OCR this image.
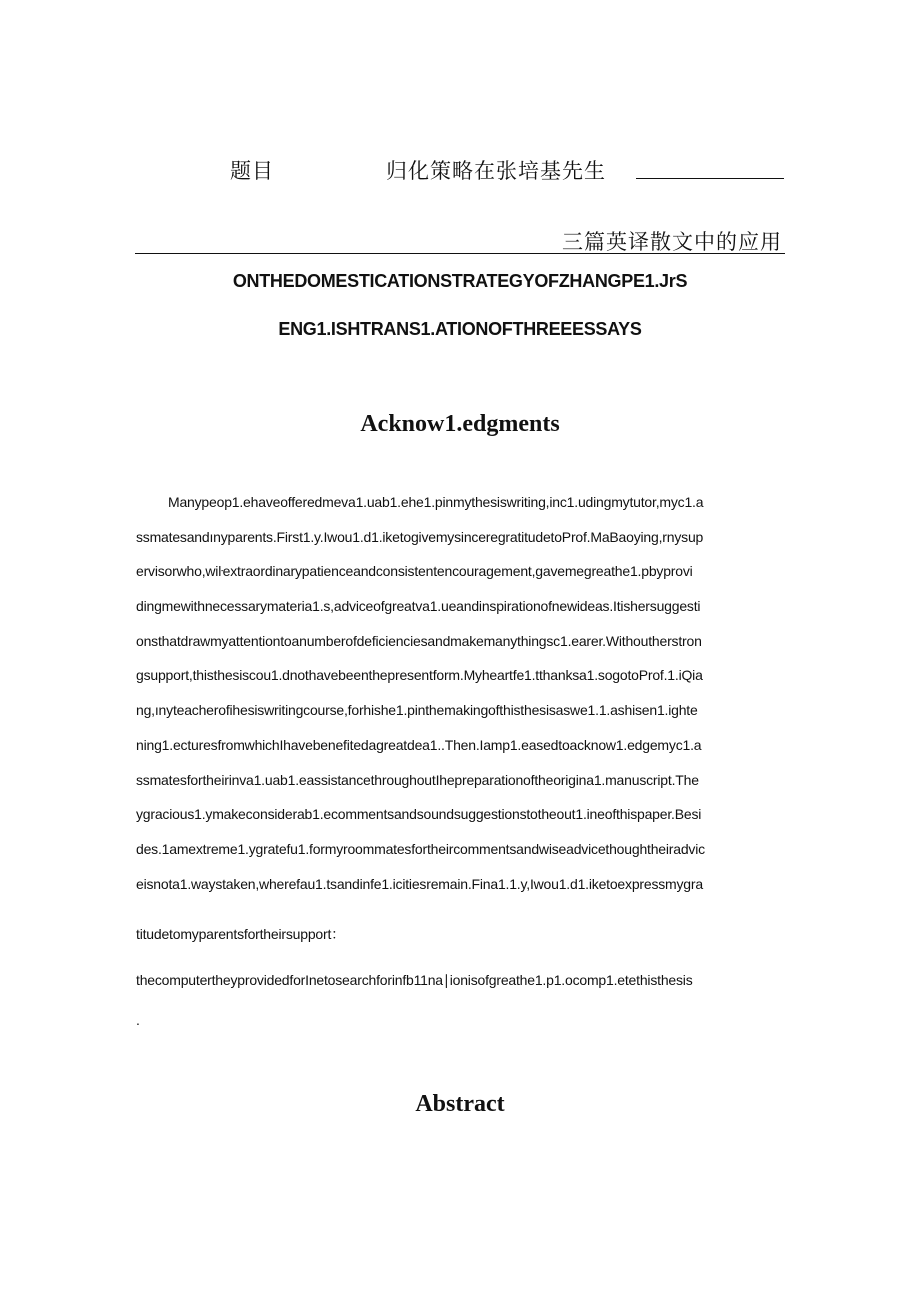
题目	归化策略在张培基先生
三篇英译散文中的应用
ONTHEDOMESTICATIONSTRATEGYOFZHANGPE1.JrS
ENG1.ISHTRANS1.ATIONOFTHREEESSAYS
Acknow1.edgments
Manypeop1.ehaveofferedmeva1.uab1.ehe1.pinmythesiswriting,inc1.udingmytutor,myc1.a
ssmatesandınyparents.First1.y.Iwou1.d1.iketogivemysinceregratitudetoProf.MaBaoying,rnysup
ervisorwho,wiŀextraordinarypatienceandconsistentencouragement,gavemegreathe1.pbyprovi
dingmewithnecessarymateria1.s,adviceofgreatva1.ueandinspirationofnewideas.Itishersuggesti
onsthatdrawmyattentiontoanumberofdeficienciesandmakemanythingsc1.earer.Withoutherstron
gsupport,thisthesiscou1.dnothavebeenthepresentform.Myheartfe1.tthanksa1.sogotoProf.1.iQia
ng,ınyteacherofihesiswritingcourse,forhishe1.pinthemakingofthisthesisaswe1.1.ashisen1.ighte
ning1.ecturesfromwhichIhavebenefitedagreatdea1..Then.Iamp1.easedtoacknow1.edgemyc1.a
ssmatesfortheirinva1.uab1.eassistancethroughoutIhepreparationoftheorigina1.manuscript.The
ygracious1.ymakeconsiderab1.ecommentsandsoundsuggestionstotheout1.ineofthispaper.Besi
des.1amextreme1.ygratefu1.formyroommatesfortheircommentsandwiseadvicethoughtheiradvic
eisnota1.waystaken,wherefau1.tsandinfe1.icitiesremain.Fina1.1.y,Iwou1.d1.iketoexpressmygra
titudetomyparentsfortheirsupport：
thecomputertheyprovidedforInetosearchforinfb11na∣ionisofgreathe1.p1.ocomp1.etethisthesis
.
Abstract
